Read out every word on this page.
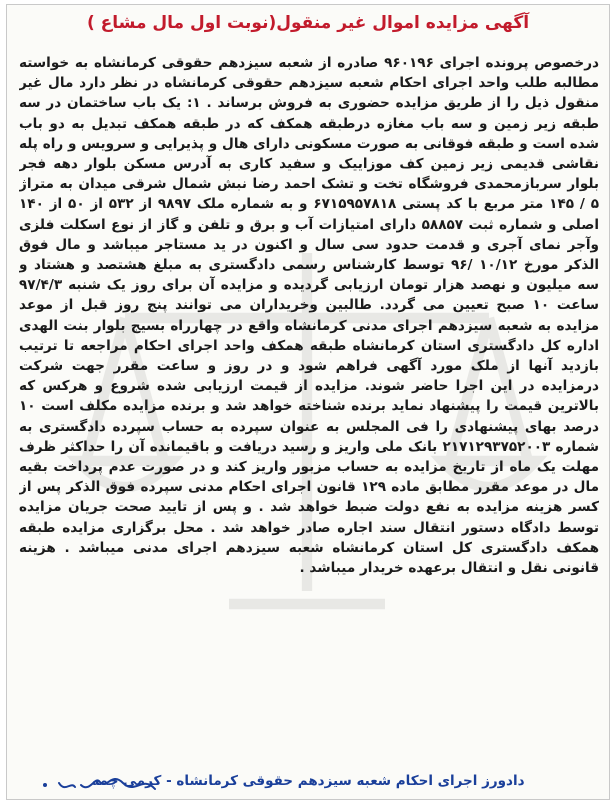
آگهی مزایده اموال غیر منقول(نوبت اول مال مشاع )
درخصوص پرونده اجرای ۹۶۰۱۹۶ صادره از شعبه سیزدهم حقوقی کرمانشاه به خواسته مطالبه طلب واحد اجرای احکام شعبه سیزدهم حقوقی کرمانشاه در نظر دارد مال غیر منقول ذیل را از طریق مزایده حضوری به فروش برساند . ۱: یک باب ساختمان در سه طبقه زیر زمین و سه باب مغازه درطبقه همکف که در طبقه همکف تبدیل به دو باب شده است و طبقه فوقانی به صورت مسکونی دارای هال و پذیرایی و سرویس و راه پله نقاشی قدیمی زیر زمین کف موزاییک و سفید کاری به آدرس مسکن بلوار دهه فجر بلوار سربازمحمدی فروشگاه تخت و تشک احمد رضا نبش شمال شرقی میدان به متراژ ۵ / ۱۴۵ متر مربع با کد پستی ۶۷۱۵۹۵۷۸۱۸ و به شماره ملک ۹۸۹۷ از ۵۳۲ از ۵۰ از ۱۴۰ اصلی و شماره ثبت ۵۸۸۵۷ دارای امتیازات آب و برق و تلفن و گاز از نوع اسکلت فلزی وآجر نمای آجری و قدمت حدود سی سال و اکنون در ید مستاجر میباشد و مال فوق الذکر مورخ ۱۰/۱۲ /۹۶ توسط کارشناس رسمی دادگستری به مبلغ هشتصد و هشتاد و سه میلیون و نهصد هزار تومان ارزیابی گردیده و مزایده آن برای روز یک شنبه ۹۷/۴/۳ ساعت ۱۰ صبح تعیین می گردد. طالبین وخریداران می توانند پنج روز قبل از موعد مزایده به شعبه سیزدهم اجرای مدنی کرمانشاه واقع در چهارراه بسیج بلوار بنت الهدی اداره کل دادگستری استان کرمانشاه طبقه همکف واحد اجرای احکام مراجعه تا ترتیب بازدید آنها از ملک مورد آگهی فراهم شود و در روز و ساعت مقرر جهت شرکت درمزایده در این اجرا حاضر شوند. مزایده از قیمت ارزیابی شده شروع و هرکس که بالاترین قیمت را پیشنهاد نماید برنده شناخته خواهد شد و برنده مزایده مکلف است ۱۰ درصد بهای پیشنهادی را فی المجلس به عنوان سپرده به حساب سپرده دادگستری به شماره ۲۱۷۱۲۹۳۷۵۲۰۰۳ بانک ملی واریز و رسید دریافت و باقیمانده آن را حداکثر ظرف مهلت یک ماه از تاریخ مزایده به حساب مزبور واریز کند و در صورت عدم پرداخت بقیه مال در موعد مقرر مطابق ماده ۱۲۹ قانون اجرای احکام مدنی سپرده فوق الذکر پس از کسر هزینه مزایده به نفع دولت ضبط خواهد شد . و پس از تایید صحت جریان مزایده توسط دادگاه دستور انتقال سند اجاره صادر خواهد شد . محل برگزاری مزایده طبقه همکف دادگستری کل استان کرمانشاه شعبه سیزدهم اجرای مدنی میباشد . هزینه قانونی نقل و انتقال برعهده خریدار میباشد .
دادورز اجرای احکام شعبه سیزدهم حقوقی کرمانشاه - کرمی چمه
